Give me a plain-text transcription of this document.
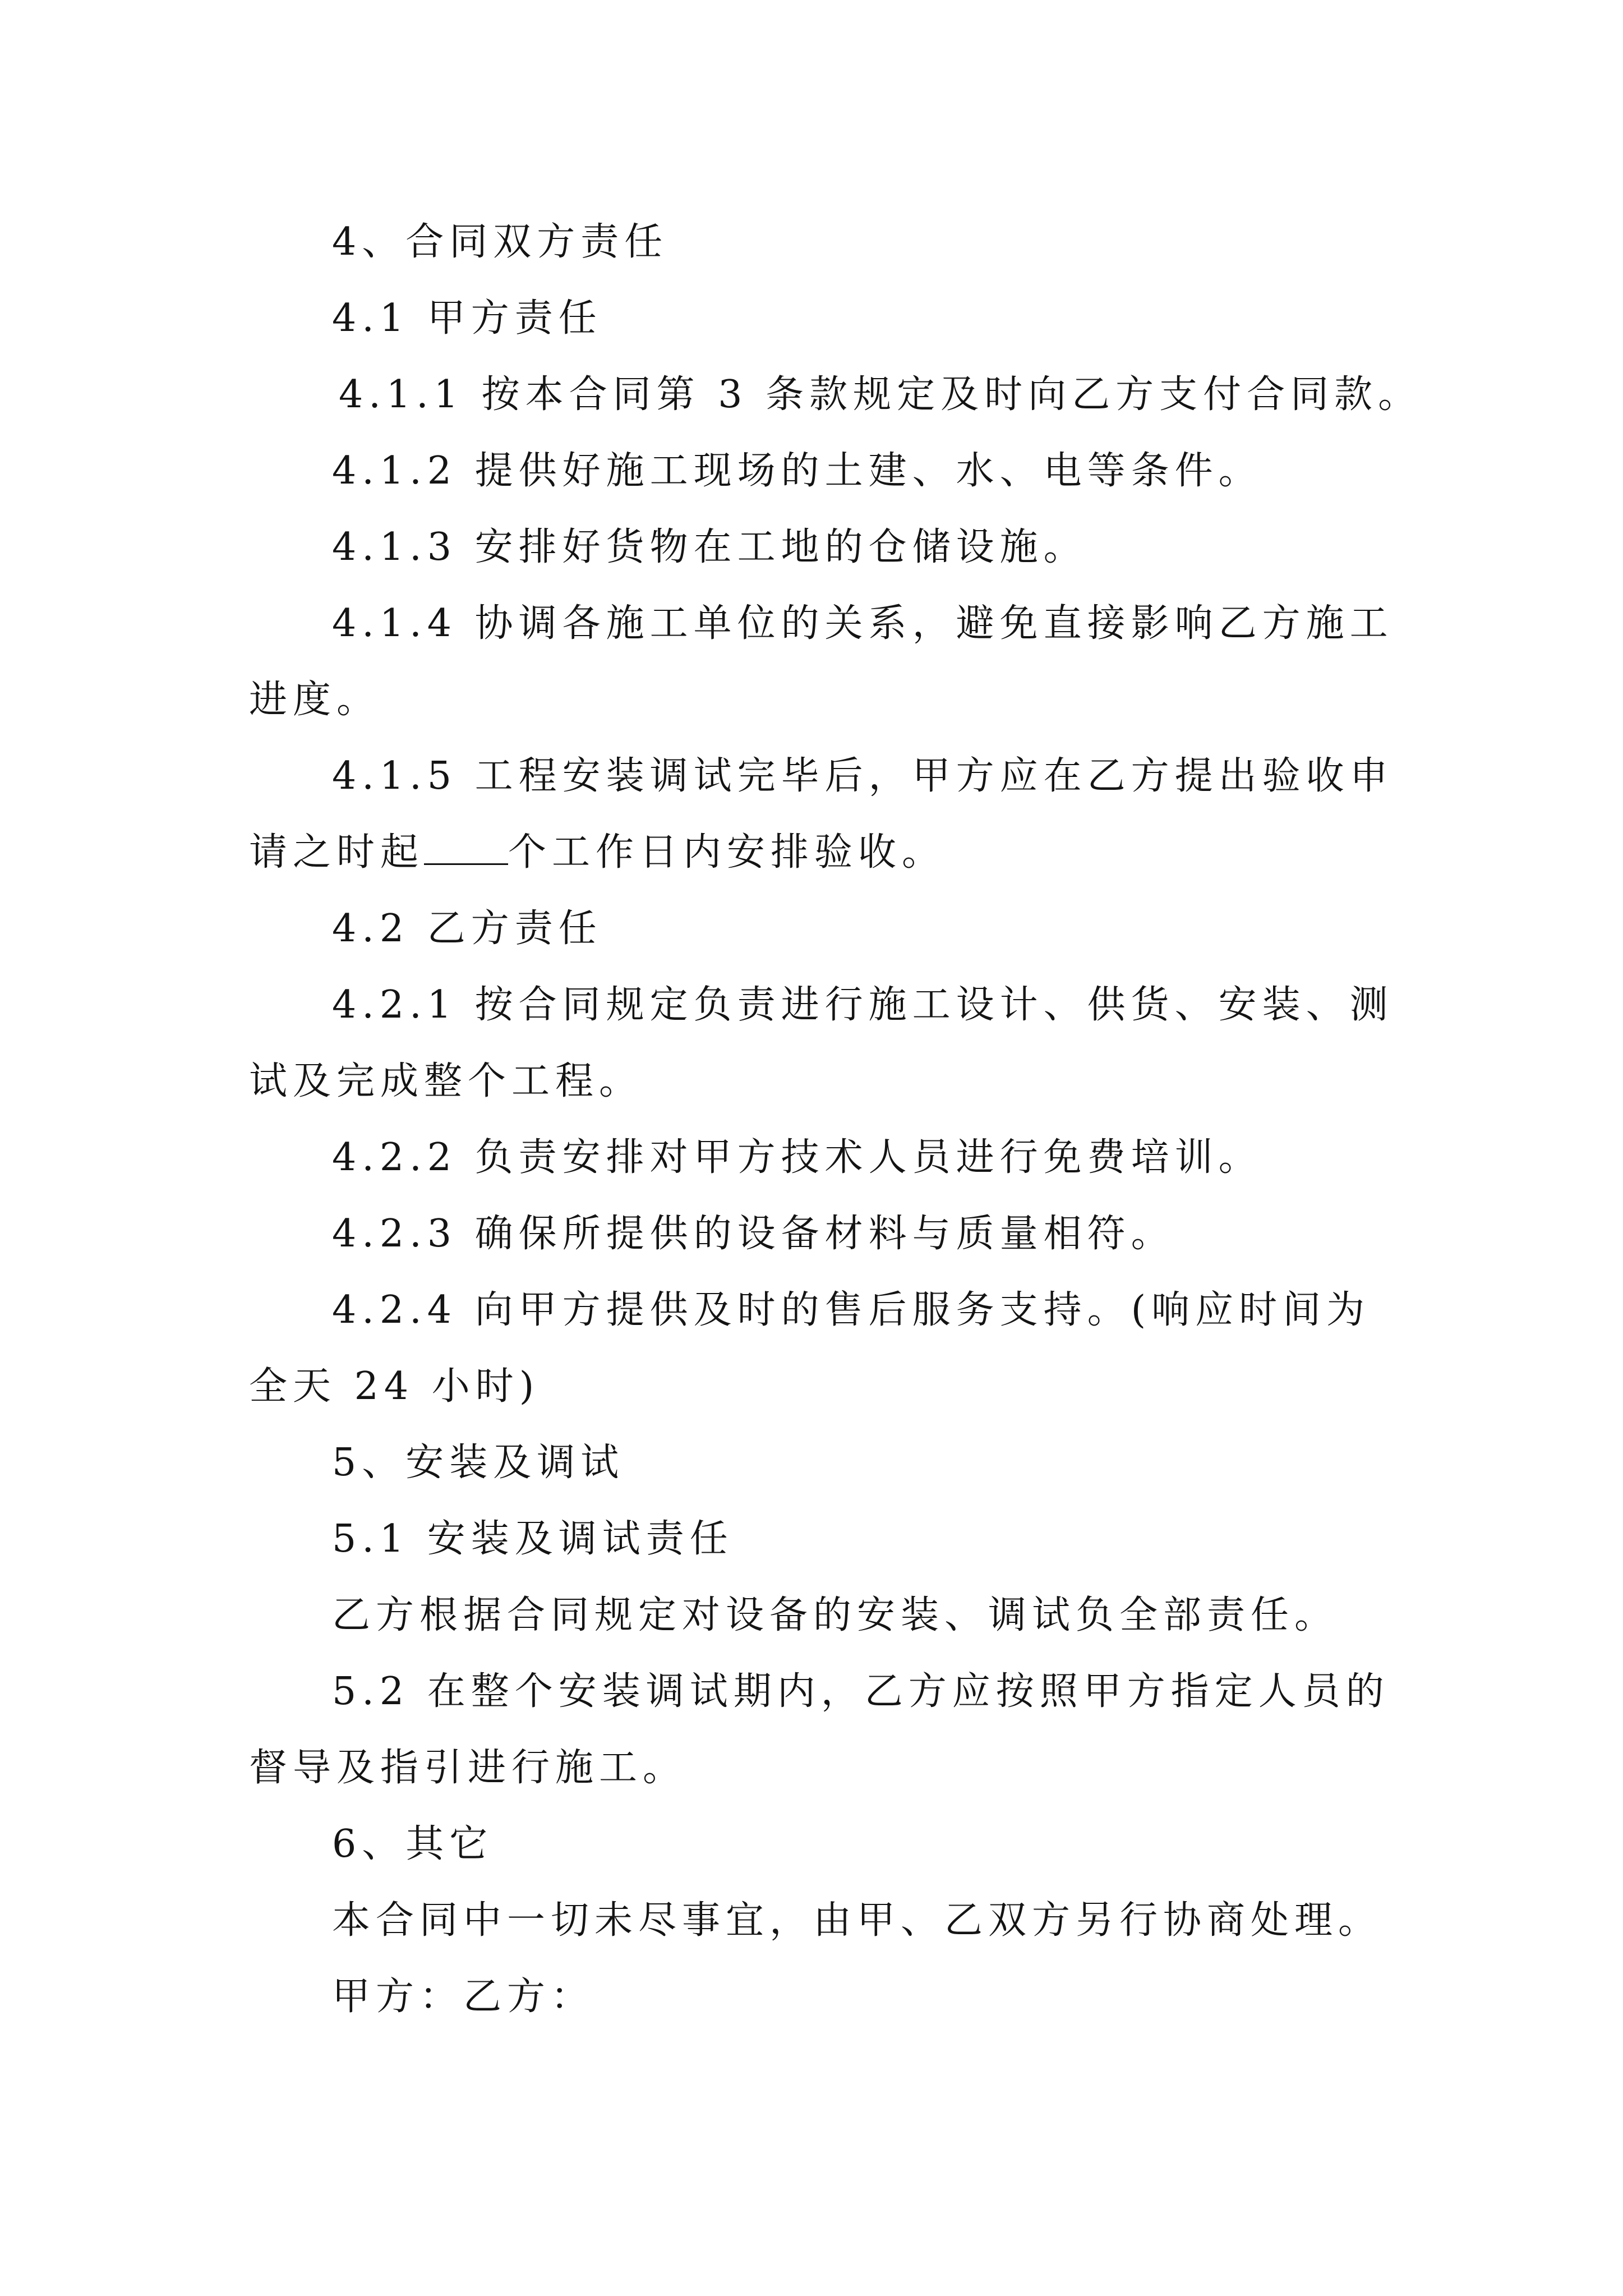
4、合同双方责任
4.1 甲方责任
4.1.1 按本合同第 3 条款规定及时向乙方支付合同款。
4.1.2 提供好施工现场的土建、水、电等条件。
4.1.3 安排好货物在工地的仓储设施。
4.1.4 协调各施工单位的关系，避免直接影响乙方施工
进度。
4.1.5 工程安装调试完毕后，甲方应在乙方提出验收申
请之时起 个工作日内安排验收。
4.2 乙方责任
4.2.1 按合同规定负责进行施工设计、供货、安装、测
试及完成整个工程。
4.2.2 负责安排对甲方技术人员进行免费培训。
4.2.3 确保所提供的设备材料与质量相符。
4.2.4 向甲方提供及时的售后服务支持。(响应时间为
全天 24 小时)
5、安装及调试
5.1 安装及调试责任
乙方根据合同规定对设备的安装、调试负全部责任。
5.2 在整个安装调试期内，乙方应按照甲方指定人员的
督导及指引进行施工。
6、其它
本合同中一切未尽事宜，由甲、乙双方另行协商处理。
甲方：乙方：
